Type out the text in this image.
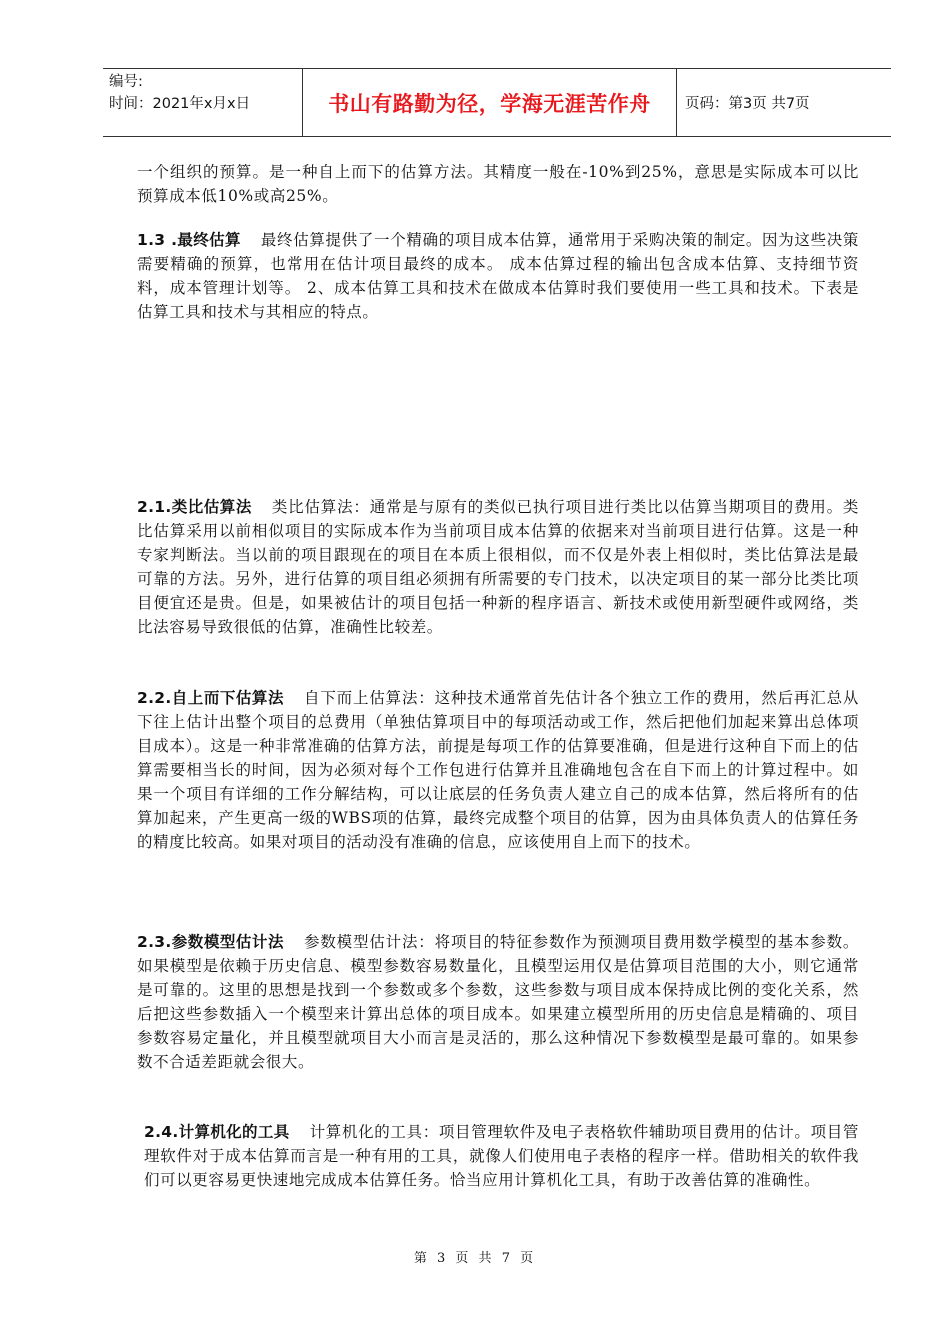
编号:
时间：2021年x月x日	书山有路勤为径，学海无涯苦作舟	页码：第3页 共7页

一个组织的预算。是一种自上而下的估算方法。其精度一般在-10%到25%，意思是实际成本可以比预算成本低10%或高25%。

1.3 .最终估算 最终估算提供了一个精确的项目成本估算，通常用于采购决策的制定。因为这些决策需要精确的预算，也常用在估计项目最终的成本。 成本估算过程的输出包含成本估算、支持细节资料，成本管理计划等。 2、成本估算工具和技术在做成本估算时我们要使用一些工具和技术。下表是估算工具和技术与其相应的特点。

2.1.类比估算法 类比估算法：通常是与原有的类似已执行项目进行类比以估算当期项目的费用。类比估算采用以前相似项目的实际成本作为当前项目成本估算的依据来对当前项目进行估算。这是一种专家判断法。当以前的项目跟现在的项目在本质上很相似，而不仅是外表上相似时，类比估算法是最可靠的方法。另外，进行估算的项目组必须拥有所需要的专门技术，以决定项目的某一部分比类比项目便宜还是贵。但是，如果被估计的项目包括一种新的程序语言、新技术或使用新型硬件或网络，类比法容易导致很低的估算，准确性比较差。

2.2.自上而下估算法 自下而上估算法：这种技术通常首先估计各个独立工作的费用，然后再汇总从下往上估计出整个项目的总费用（单独估算项目中的每项活动或工作，然后把他们加起来算出总体项目成本）。这是一种非常准确的估算方法，前提是每项工作的估算要准确，但是进行这种自下而上的估算需要相当长的时间，因为必须对每个工作包进行估算并且准确地包含在自下而上的计算过程中。如果一个项目有详细的工作分解结构，可以让底层的任务负责人建立自己的成本估算，然后将所有的估算加起来，产生更高一级的WBS项的估算，最终完成整个项目的估算，因为由具体负责人的估算任务的精度比较高。如果对项目的活动没有准确的信息，应该使用自上而下的技术。

2.3.参数模型估计法 参数模型估计法：将项目的特征参数作为预测项目费用数学模型的基本参数。如果模型是依赖于历史信息、模型参数容易数量化，且模型运用仅是估算项目范围的大小，则它通常是可靠的。这里的思想是找到一个参数或多个参数，这些参数与项目成本保持成比例的变化关系，然后把这些参数插入一个模型来计算出总体的项目成本。如果建立模型所用的历史信息是精确的、项目参数容易定量化，并且模型就项目大小而言是灵活的，那么这种情况下参数模型是最可靠的。如果参数不合适差距就会很大。

2.4.计算机化的工具 计算机化的工具：项目管理软件及电子表格软件辅助项目费用的估计。项目管理软件对于成本估算而言是一种有用的工具，就像人们使用电子表格的程序一样。借助相关的软件我们可以更容易更快速地完成成本估算任务。恰当应用计算机化工具，有助于改善估算的准确性。

第 3 页 共 7 页
